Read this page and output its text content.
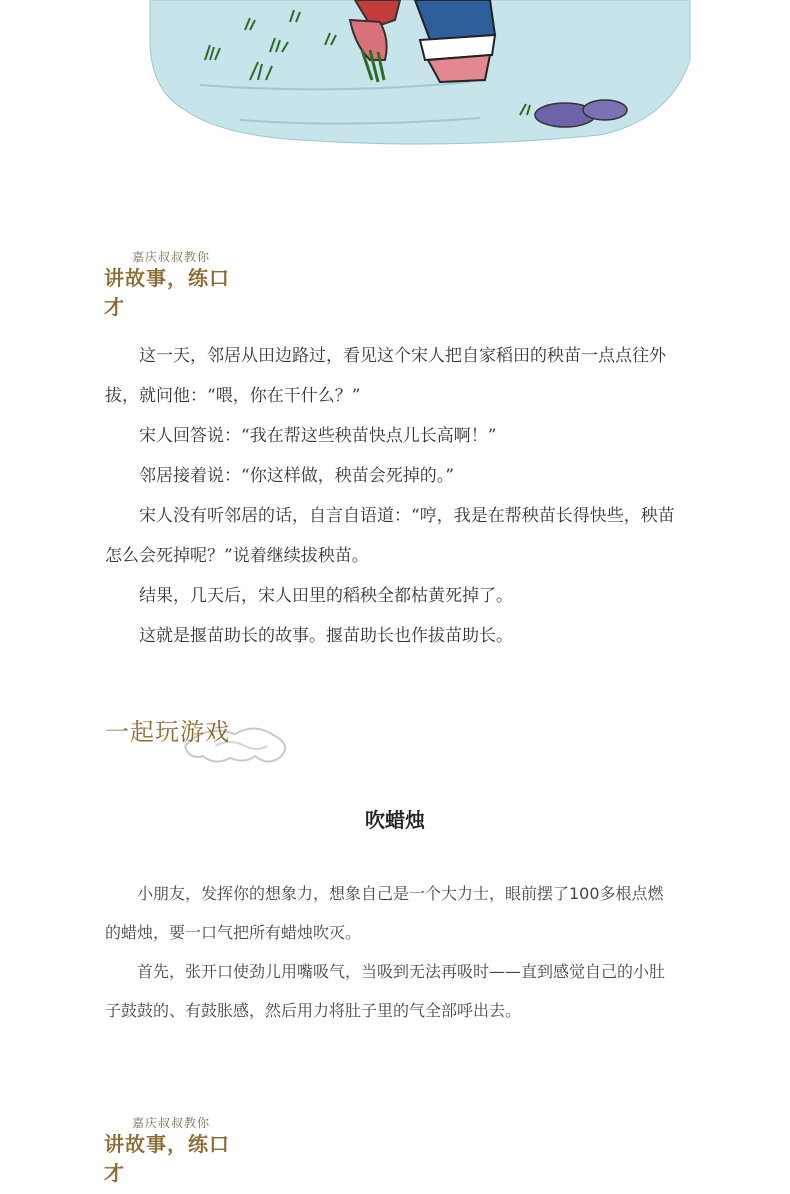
嘉庆叔叔教你
讲故事，练口才

这一天，邻居从田边路过，看见这个宋人把自家稻田的秧苗一点点往外拔，就问他：“喂，你在干什么？”

宋人回答说：“我在帮这些秧苗快点儿长高啊！”

邻居接着说：“你这样做，秧苗会死掉的。”

宋人没有听邻居的话，自言自语道：“哼，我是在帮秧苗长得快些，秧苗怎么会死掉呢？”说着继续拔秧苗。

结果，几天后，宋人田里的稻秧全都枯黄死掉了。

这就是揠苗助长的故事。揠苗助长也作拔苗助长。

一起玩游戏
吹蜡烛

小朋友，发挥你的想象力，想象自己是一个大力士，眼前摆了100多根点燃的蜡烛，要一口气把所有蜡烛吹灭。

首先，张开口使劲儿用嘴吸气，当吸到无法再吸时——直到感觉自己的小肚子鼓鼓的、有鼓胀感，然后用力将肚子里的气全部呼出去。

嘉庆叔叔教你
讲故事，练口才
